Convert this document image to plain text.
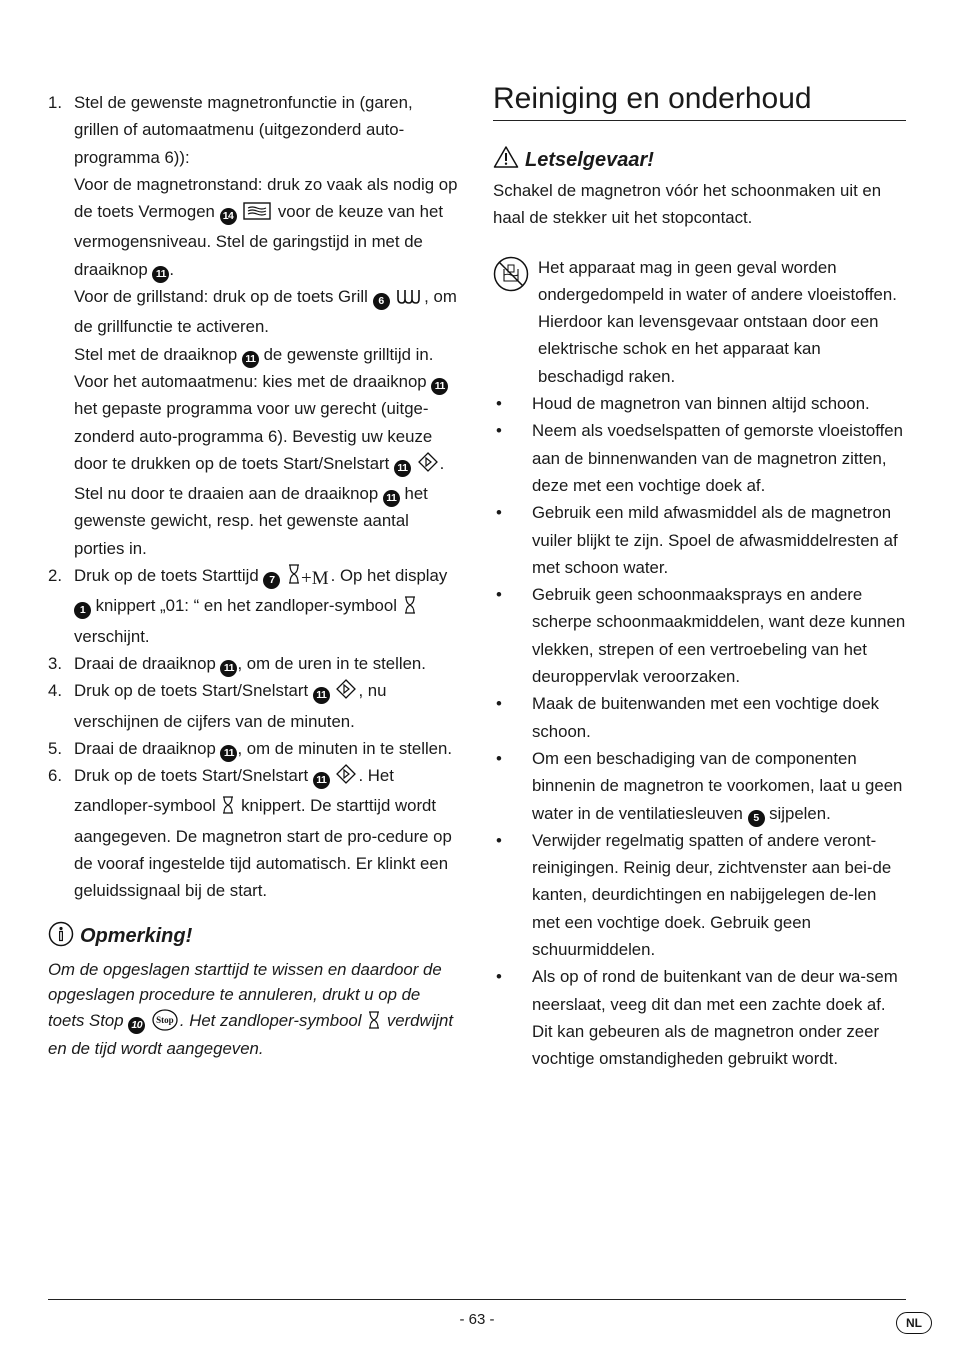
1. Stel de gewenste magnetronfunctie in (garen, grillen of automaatmenu (uitgezonderd auto-programma 6)):

Voor de magnetronstand: druk zo vaak als nodig op de toets Vermogen 14  voor de keuze van het vermogensniveau. Stel de garingstijd in met de draaiknop 11 .

Voor de grillstand: druk op de toets Grill 6 , om de grillfunctie te activeren.

Stel met de draaiknop 11 de gewenste grilltijd in.

Voor het automaatmenu: kies met de draaiknop 11 het gepaste programma voor uw gerecht (uitge-zonderd auto-programma 6). Bevestig uw keuze door te drukken op de toets Start/Snelstart 11 .

Stel nu door te draaien aan de draaiknop 11 het gewenste gewicht, resp. het gewenste aantal porties in.

2. Druk op de toets Starttijd 7 +M . Op het display 1 knippert „01: “ en het zandloper-symbool  verschijnt.
3. Draai de draaiknop 11 , om de uren in te stellen.
4. Druk op de toets Start/Snelstart 11 , nu verschijnen de cijfers van de minuten.
5. Draai de draaiknop 11 , om de minuten in te stellen.
6. Druk op de toets Start/Snelstart 11 . Het zandloper-symbool  knippert. De starttijd wordt aangegeven. De magnetron start de pro-cedure op de vooraf ingestelde tijd automatisch. Er klinkt een geluidssignaal bij de start.
Opmerking!

Om de opgeslagen starttijd te wissen en daardoor de opgeslagen procedure te annuleren, drukt u op de toets Stop 10	Stop . Het zandloper-symbool  verdwijnt en de tijd wordt aangegeven.

Reiniging en onderhoud
Letselgevaar!

Schakel de magnetron vóór het schoonmaken uit en haal de stekker uit het stopcontact.

Het apparaat mag in geen geval worden ondergedompeld in water of andere vloeistoffen. Hierdoor kan levensgevaar ontstaan door een elektrische schok en het apparaat kan beschadigd raken.
• Houd de magnetron van binnen altijd schoon.
• Neem als voedselspatten of gemorste vloeistoffen aan de binnenwanden van de magnetron zitten, deze met een vochtige doek af.
• Gebruik een mild afwasmiddel als de magnetron vuiler blijkt te zijn. Spoel de afwasmiddelresten af met schoon water.
• Gebruik geen schoonmaaksprays en andere scherpe schoonmaakmiddelen, want deze kunnen vlekken, strepen of een vertroebeling van het deuroppervlak veroorzaken.
• Maak de buitenwanden met een vochtige doek schoon.
• Om een beschadiging van de componenten binnenin de magnetron te voorkomen, laat u geen water in de ventilatiesleuven 5 sijpelen.
• Verwijder regelmatig spatten of andere veront-reinigingen. Reinig deur, zichtvenster aan bei-de kanten, deurdichtingen en nabijgelegen de-len met een vochtige doek. Gebruik geen schuurmiddelen.
• Als op of rond de buitenkant van de deur wa-sem neerslaat, veeg dit dan met een zachte doek af. Dit kan gebeuren als de magnetron onder zeer vochtige omstandigheden gebruikt wordt.
- 63 -	NL
